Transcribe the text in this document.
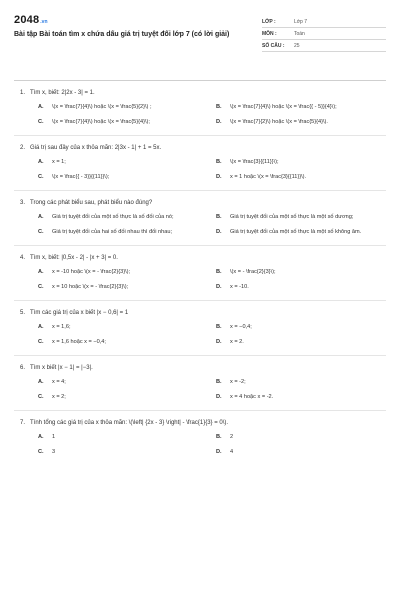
2048 .vn
Bài tập Bài toán tìm x chứa dấu giá trị tuyệt đối lớp 7 (có lời giải)
LỚP :	Lớp 7
MÔN :	Toán
SỐ CÂU :	25
1. Tìm x, biết: 2|2x - 3| = 1.
A.	\(x = \frac{7}{4}\) hoặc \(x = \frac{5}{2}\) ;	B.	\(x = \frac{7}{4}\) hoặc \(x = \frac{{ - 5}}{4}\);
C.	\(x = \frac{7}{4}\) hoặc \(x = \frac{5}{4}\);	D.	\(x = \frac{7}{2}\) hoặc \(x = \frac{5}{4}\).
2. Giá trị sau đây của x thỏa mãn: 2|3x - 1| + 1 = 5x.
A.	x = 1;	B.	\(x = \frac{3}{{11}}\);
C.	\(x = \frac{{ - 3}}{{11}}\);	D.	x = 1 hoặc \(x = \frac{3}{{11}}\).
3. Trong các phát biểu sau, phát biểu nào đúng?
A.	Giá trị tuyệt đối của một số thực là số đối của nó;	B.	Giá trị tuyệt đối của một số thực là một số dương;
C.	Giá trị tuyệt đối của hai số đối nhau thì đối nhau;	D.	Giá trị tuyệt đối của một số thực là một số không âm.
4. Tìm x, biết: |0,5x - 2| - |x + 3| = 0.
A.	x = -10 hoặc \(x = - \frac{2}{3}\);	B.	\(x = - \frac{2}{3}\);
C.	x = 10 hoặc \(x = - \frac{2}{3}\);	D.	x = -10.
5. Tìm các giá trị của x biết |x − 0,6| = 1
A.	x = 1,6;	B.	x = −0,4;
C.	x = 1,6 hoặc x = −0,4;	D.	x = 2.
6. Tìm x biết |x − 1| = |−3|.
A.	x = 4;	B.	x = -2;
C.	x = 2;	D.	x = 4 hoặc x = -2.
7. Tính tổng các giá trị của x thỏa mãn: \(\left| {2x - 3} \right| - \frac{1}{3} = 0\).
A.	1	B.	2
C.	3	D.	4
